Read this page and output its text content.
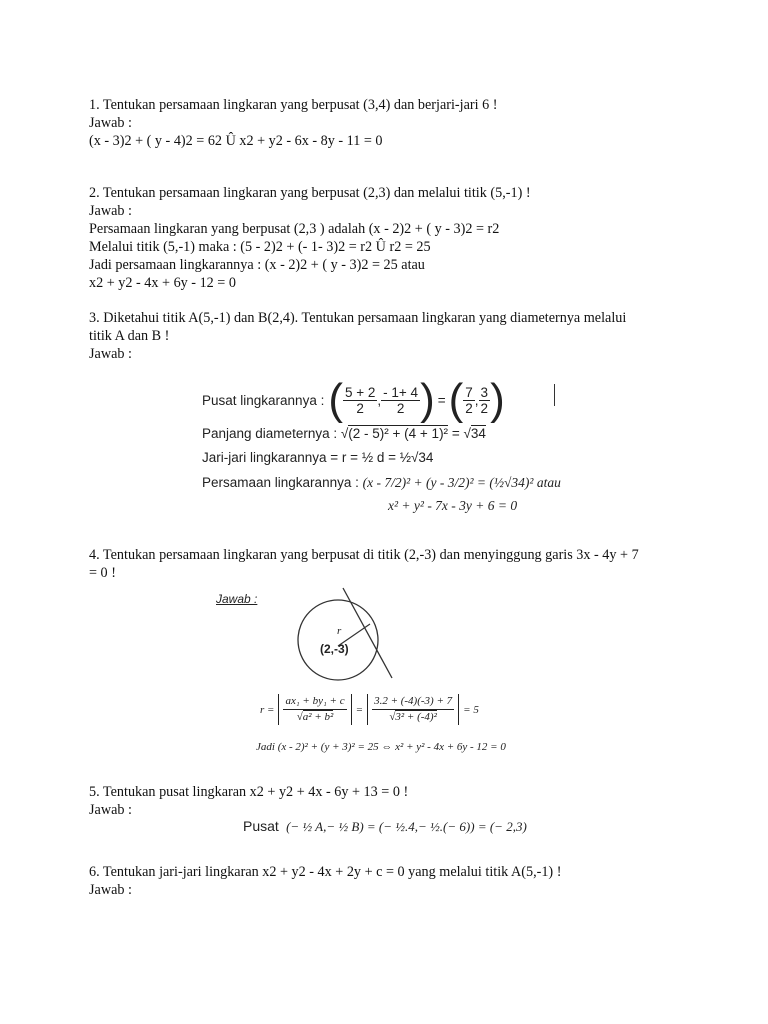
1. Tentukan persamaan lingkaran yang berpusat (3,4) dan berjari-jari 6 !
Jawab :
(x - 3)2 + ( y - 4)2 = 62 Û x2 + y2 - 6x - 8y - 11 = 0
2. Tentukan persamaan lingkaran yang berpusat (2,3) dan melalui titik (5,-1) !
Jawab :
Persamaan lingkaran yang berpusat (2,3 ) adalah (x - 2)2 + ( y - 3)2 = r2
Melalui titik (5,-1) maka : (5 - 2)2 + (- 1- 3)2 = r2 Û r2 = 25
Jadi persamaan lingkarannya : (x - 2)2 + ( y - 3)2 = 25 atau
x2 + y2 - 4x + 6y - 12 = 0
3. Diketahui titik A(5,-1) dan B(2,4). Tentukan persamaan lingkaran yang diameternya melalui titik A dan B !
Jawab :
Pusat lingkarannya : ( $\frac{5 + 2}{2}$ , $\frac{- 1+ 4}{2}$ ) = ( $\frac{7}{2}$ , $\frac{3}{2}$ )
Panjang diameternya : √(2 - 5)² + (4 + 1)² = √34
Jari-jari lingkarannya = r = ½ d = ½√34
Persamaan lingkarannya : (x - 7/2)² + (y - 3/2)² = (½√34)² atau
x² + y² - 7x - 3y + 6 = 0
4. Tentukan persamaan lingkaran yang berpusat di titik (2,-3) dan menyinggung garis 3x - 4y + 7 = 0 !
Jawab :
(2,-3)
r
$r = \frac{\text{ax₁ + by₁ + c}}{\text{√a² + b²}} = \frac{3.2 + (-4)(-3) + 7}{\text{√3² + (-4)²}} = 5$
Jadi (x - 2)² + (y + 3)² = 25 ⇔ x² + y² - 4x + 6y - 12 = 0
5. Tentukan pusat lingkaran x2 + y2 + 4x - 6y + 13 = 0 !
Jawab :
Pusat (− ½ A,− ½ B) = (− ½.4,− ½.(− 6)) = (− 2,3)
6. Tentukan jari-jari lingkaran x2 + y2 - 4x + 2y + c = 0 yang melalui titik A(5,-1) !
Jawab :
